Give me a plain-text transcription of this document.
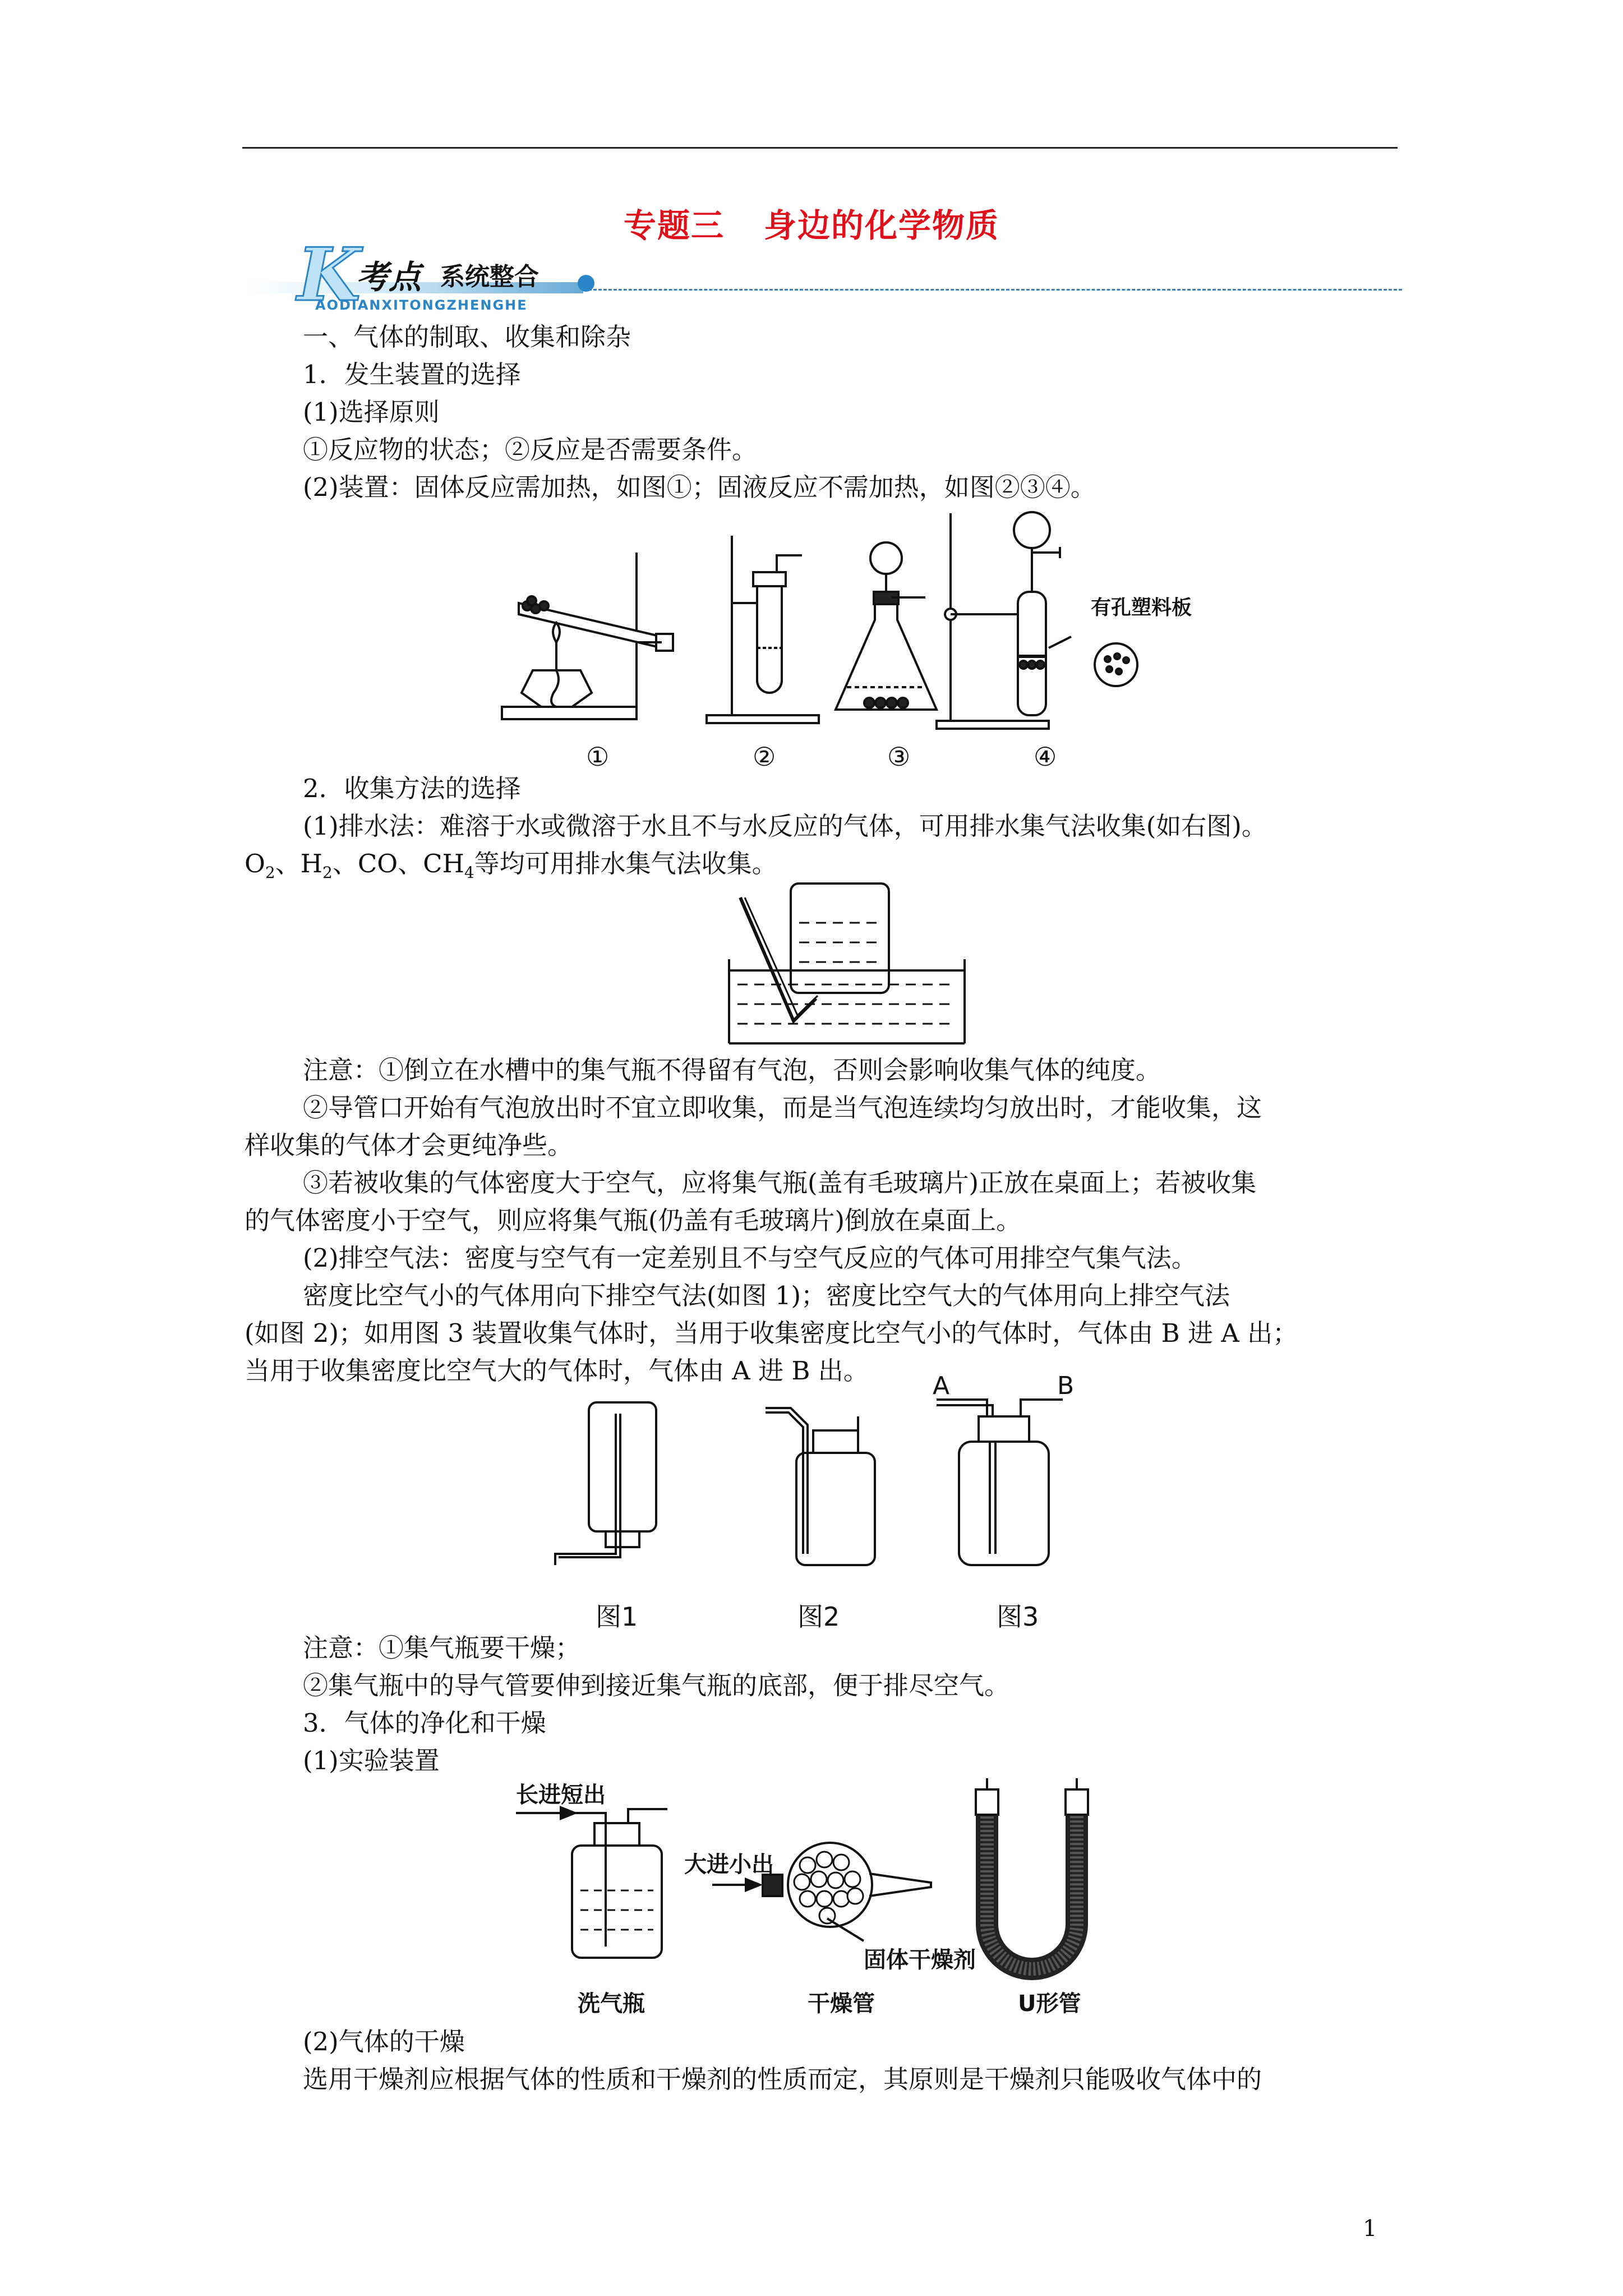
专题三 身边的化学物质
K
考点 系统整合
AODIANXITONGZHENGHE
一、气体的制取、收集和除杂
1．发生装置的选择
(1)选择原则
①反应物的状态；②反应是否需要条件。
(2)装置：固体反应需加热，如图①；固液反应不需加热，如图②③④。
有孔塑料板
①	②	③	④
2．收集方法的选择
(1)排水法：难溶于水或微溶于水且不与水反应的气体，可用排水集气法收集(如右图)。
$O_2$、$H_2$、CO、$CH_4$等均可用排水集气法收集。
注意：①倒立在水槽中的集气瓶不得留有气泡，否则会影响收集气体的纯度。
②导管口开始有气泡放出时不宜立即收集，而是当气泡连续均匀放出时，才能收集，这
样收集的气体才会更纯净些。
③若被收集的气体密度大于空气，应将集气瓶(盖有毛玻璃片)正放在桌面上；若被收集
的气体密度小于空气，则应将集气瓶(仍盖有毛玻璃片)倒放在桌面上。
(2)排空气法：密度与空气有一定差别且不与空气反应的气体可用排空气集气法。
密度比空气小的气体用向下排空气法(如图 1)；密度比空气大的气体用向上排空气法
(如图 2)；如用图 3 装置收集气体时，当用于收集密度比空气小的气体时，气体由 B 进 A 出；
当用于收集密度比空气大的气体时，气体由 A 进 B 出。
A	B
图1	图2	图3
注意：①集气瓶要干燥；
②集气瓶中的导气管要伸到接近集气瓶的底部，便于排尽空气。
3．气体的净化和干燥
(1)实验装置
长进短出
大进小出
固体干燥剂
洗气瓶	干燥管	U形管
(2)气体的干燥
选用干燥剂应根据气体的性质和干燥剂的性质而定，其原则是干燥剂只能吸收气体中的
1
